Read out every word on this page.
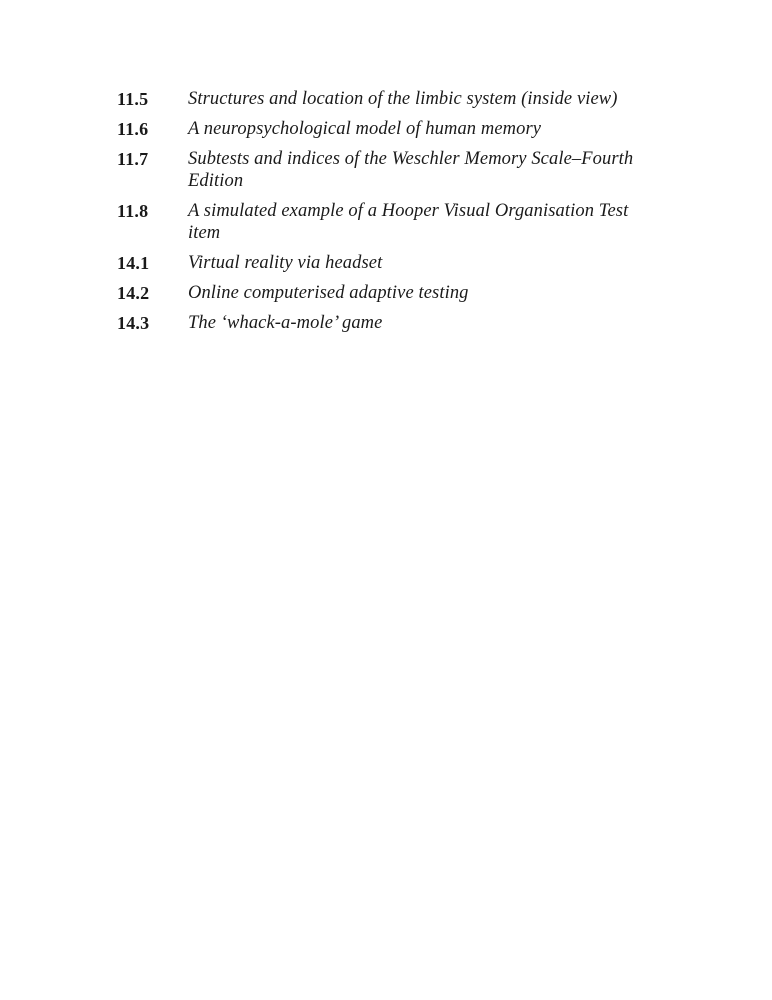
11.5	Structures and location of the limbic system (inside view)
11.6	A neuropsychological model of human memory
11.7	Subtests and indices of the Weschler Memory Scale–Fourth Edition
11.8	A simulated example of a Hooper Visual Organisation Test item
14.1	Virtual reality via headset
14.2	Online computerised adaptive testing
14.3	The ‘whack-a-mole’ game
